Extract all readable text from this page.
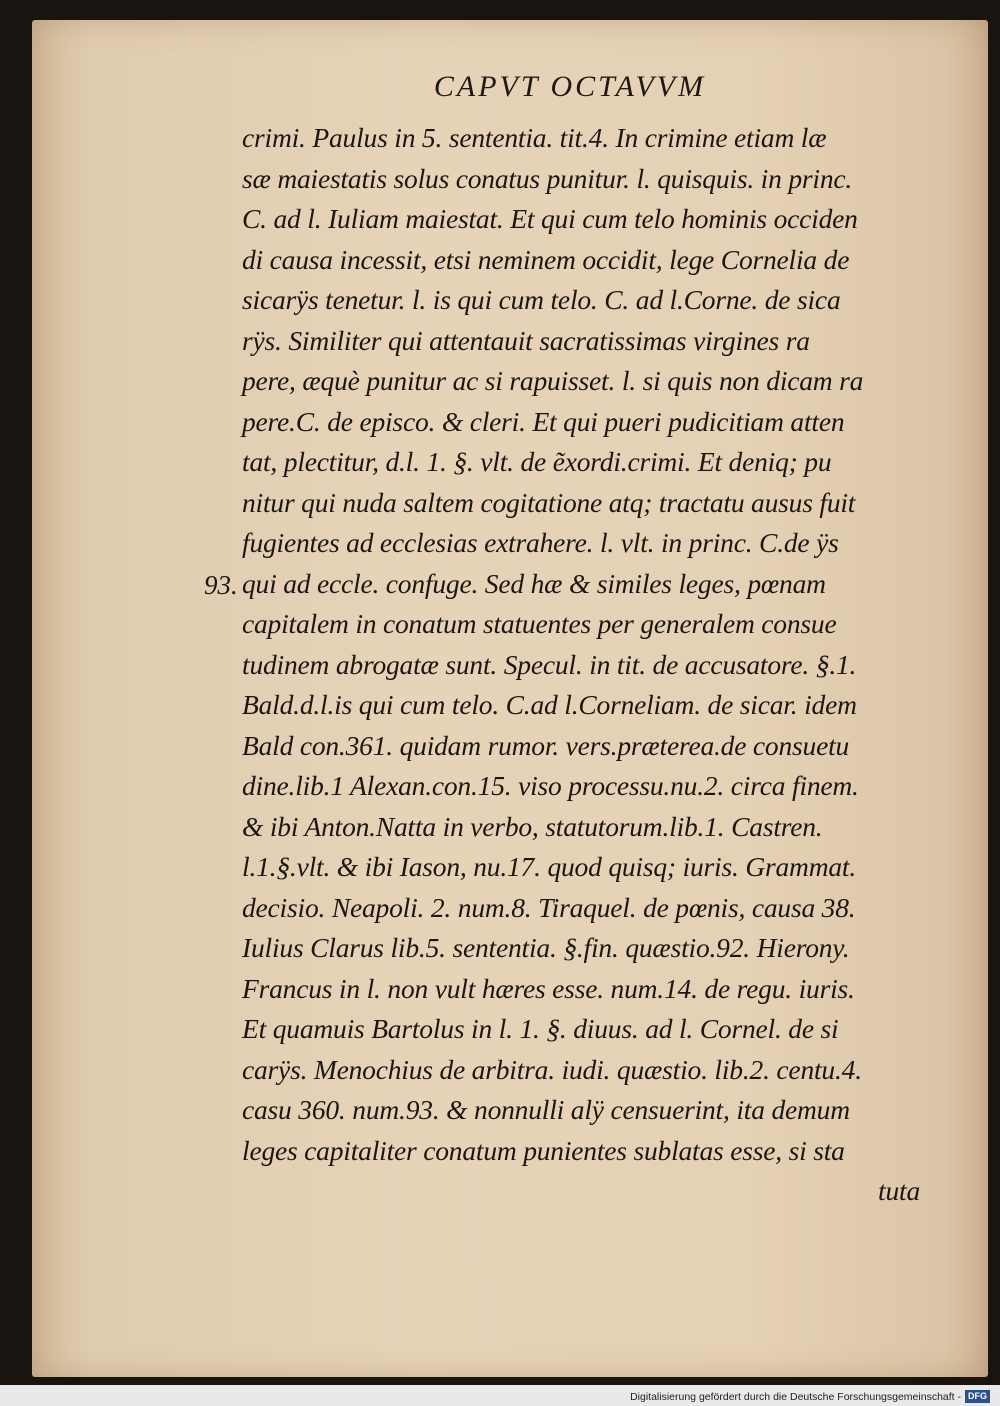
CAPVT OCTAVVM
crimi. Paulus in 5. sententia. tit.4. In crimine etiam læ
sæ maiestatis solus conatus punitur. l. quisquis. in princ.
C. ad l. Iuliam maiestat. Et qui cum telo hominis occiden
di causa incessit, etsi neminem occidit, lege Cornelia de
sicarÿs tenetur. l. is qui cum telo. C. ad l.Corne. de sica
rÿs. Similiter qui attentauit sacratissimas virgines ra
pere, æquè punitur ac si rapuisset. l. si quis non dicam ra
pere.C. de episco. & cleri. Et qui pueri pudicitiam atten
tat, plectitur, d.l. 1. §. vlt. de ẽxordi.crimi. Et deniq; pu
nitur qui nuda saltem cogitatione atq; tractatu ausus fuit
fugientes ad ecclesias extrahere. l. vlt. in princ. C.de ÿs
qui ad eccle. confuge. Sed hæ & similes leges, pœnam
capitalem in conatum statuentes per generalem consue
tudinem abrogatæ sunt. Specul. in tit. de accusatore. §.1.
Bald.d.l.is qui cum telo. C.ad l.Corneliam. de sicar. idem
Bald con.361. quidam rumor. vers.præterea.de consuetu
dine.lib.1 Alexan.con.15. viso processu.nu.2. circa finem.
& ibi Anton.Natta in verbo, statutorum.lib.1. Castren.
l.1.§.vlt. & ibi Iason, nu.17. quod quisq; iuris. Grammat.
decisio. Neapoli. 2. num.8. Tiraquel. de pœnis, causa 38.
Iulius Clarus lib.5. sententia. §.fin. quæstio.92. Hierony.
Francus in l. non vult hæres esse. num.14. de regu. iuris.
Et quamuis Bartolus in l. 1. §. diuus. ad l. Cornel. de si
carÿs. Menochius de arbitra. iudi. quæstio. lib.2. centu.4.
casu 360. num.93. & nonnulli alÿ censuerint, ita demum
leges capitaliter conatum punientes sublatas esse, si sta
tuta
93.
Digitalisierung gefördert durch die Deutsche Forschungsgemeinschaft - DFG
